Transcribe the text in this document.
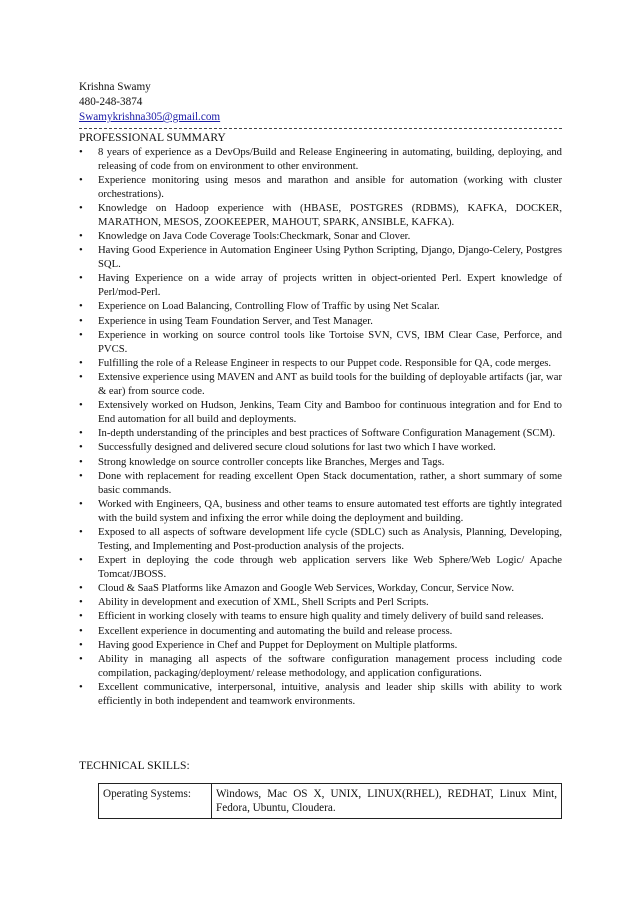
Krishna Swamy
480-248-3874
Swamykrishna305@gmail.com
PROFESSIONAL SUMMARY
• 8 years of experience as a DevOps/Build and Release Engineering in automating, building, deploying, and releasing of code from on environment to other environment.
• Experience monitoring using mesos and marathon and ansible for automation (working with cluster orchestrations).
• Knowledge on Hadoop experience with (HBASE, POSTGRES (RDBMS), KAFKA, DOCKER, MARATHON, MESOS, ZOOKEEPER, MAHOUT, SPARK, ANSIBLE, KAFKA).
• Knowledge on Java Code Coverage Tools:Checkmark, Sonar and Clover.
• Having Good Experience in Automation Engineer Using Python Scripting, Django, Django-Celery, Postgres SQL.
• Having Experience on a wide array of projects written in object-oriented Perl. Expert knowledge of Perl/mod-Perl.
• Experience on Load Balancing, Controlling Flow of Traffic by using Net Scalar.
• Experience in using Team Foundation Server, and Test Manager.
• Experience in working on source control tools like Tortoise SVN, CVS, IBM Clear Case, Perforce, and PVCS.
• Fulfilling the role of a Release Engineer in respects to our Puppet code. Responsible for QA, code merges.
• Extensive experience using MAVEN and ANT as build tools for the building of deployable artifacts (jar, war & ear) from source code.
• Extensively worked on Hudson, Jenkins, Team City and Bamboo for continuous integration and for End to End automation for all build and deployments.
• In-depth understanding of the principles and best practices of Software Configuration Management (SCM).
• Successfully designed and delivered secure cloud solutions for last two which I have worked.
• Strong knowledge on source controller concepts like Branches, Merges and Tags.
• Done with replacement for reading excellent Open Stack documentation, rather, a short summary of some basic commands.
• Worked with Engineers, QA, business and other teams to ensure automated test efforts are tightly integrated with the build system and infixing the error while doing the deployment and building.
• Exposed to all aspects of software development life cycle (SDLC) such as Analysis, Planning, Developing, Testing, and Implementing and Post-production analysis of the projects.
• Expert in deploying the code through web application servers like Web Sphere/Web Logic/ Apache Tomcat/JBOSS.
• Cloud & SaaS Platforms like Amazon and Google Web Services, Workday, Concur, Service Now.
• Ability in development and execution of XML, Shell Scripts and Perl Scripts.
• Efficient in working closely with teams to ensure high quality and timely delivery of build sand releases.
• Excellent experience in documenting and automating the build and release process.
• Having good Experience in Chef and Puppet for Deployment on Multiple platforms.
• Ability in managing all aspects of the software configuration management process including code compilation, packaging/deployment/ release methodology, and application configurations.
• Excellent communicative, interpersonal, intuitive, analysis and leader ship skills with ability to work efficiently in both independent and teamwork environments.
TECHNICAL SKILLS:
Operating Systems:	Windows, Mac OS X, UNIX, LINUX(RHEL), REDHAT, Linux Mint, Fedora, Ubuntu, Cloudera.
